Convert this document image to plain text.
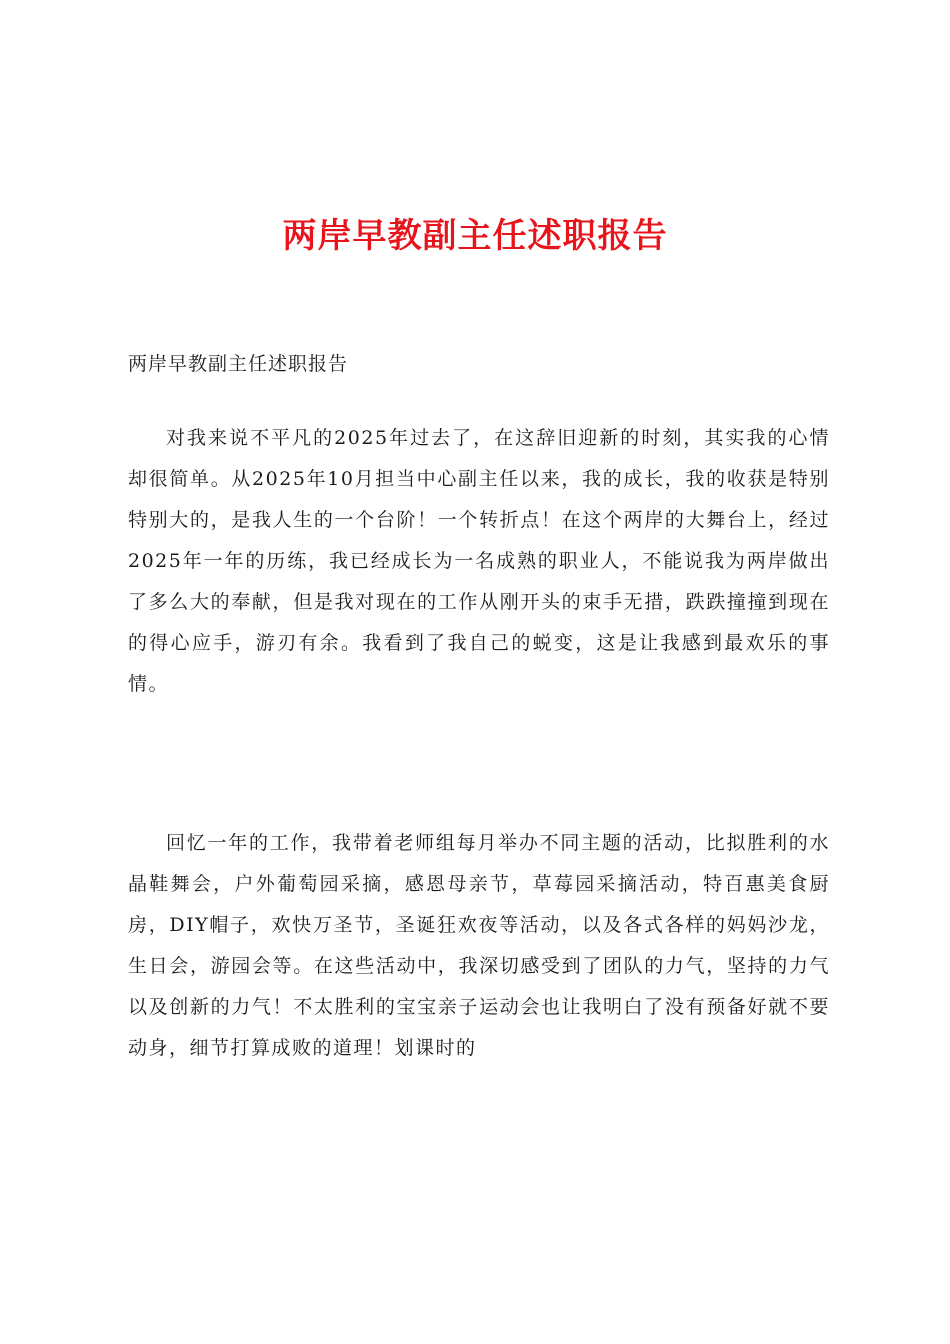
两岸早教副主任述职报告
两岸早教副主任述职报告

对我来说不平凡的2025年过去了，在这辞旧迎新的时刻，其实我的心情却很简单。从2025年10月担当中心副主任以来，我的成长，我的收获是特别特别大的，是我人生的一个台阶！一个转折点！在这个两岸的大舞台上，经过2025年一年的历练，我已经成长为一名成熟的职业人，不能说我为两岸做出了多么大的奉献，但是我对现在的工作从刚开头的束手无措，跌跌撞撞到现在的得心应手，游刃有余。我看到了我自己的蜕变，这是让我感到最欢乐的事情。

回忆一年的工作，我带着老师组每月举办不同主题的活动，比拟胜利的水晶鞋舞会，户外葡萄园采摘，感恩母亲节，草莓园采摘活动，特百惠美食厨房，DIY帽子，欢快万圣节，圣诞狂欢夜等活动，以及各式各样的妈妈沙龙，生日会，游园会等。在这些活动中，我深切感受到了团队的力气，坚持的力气以及创新的力气！不太胜利的宝宝亲子运动会也让我明白了没有预备好就不要动身，细节打算成败的道理！划课时的
